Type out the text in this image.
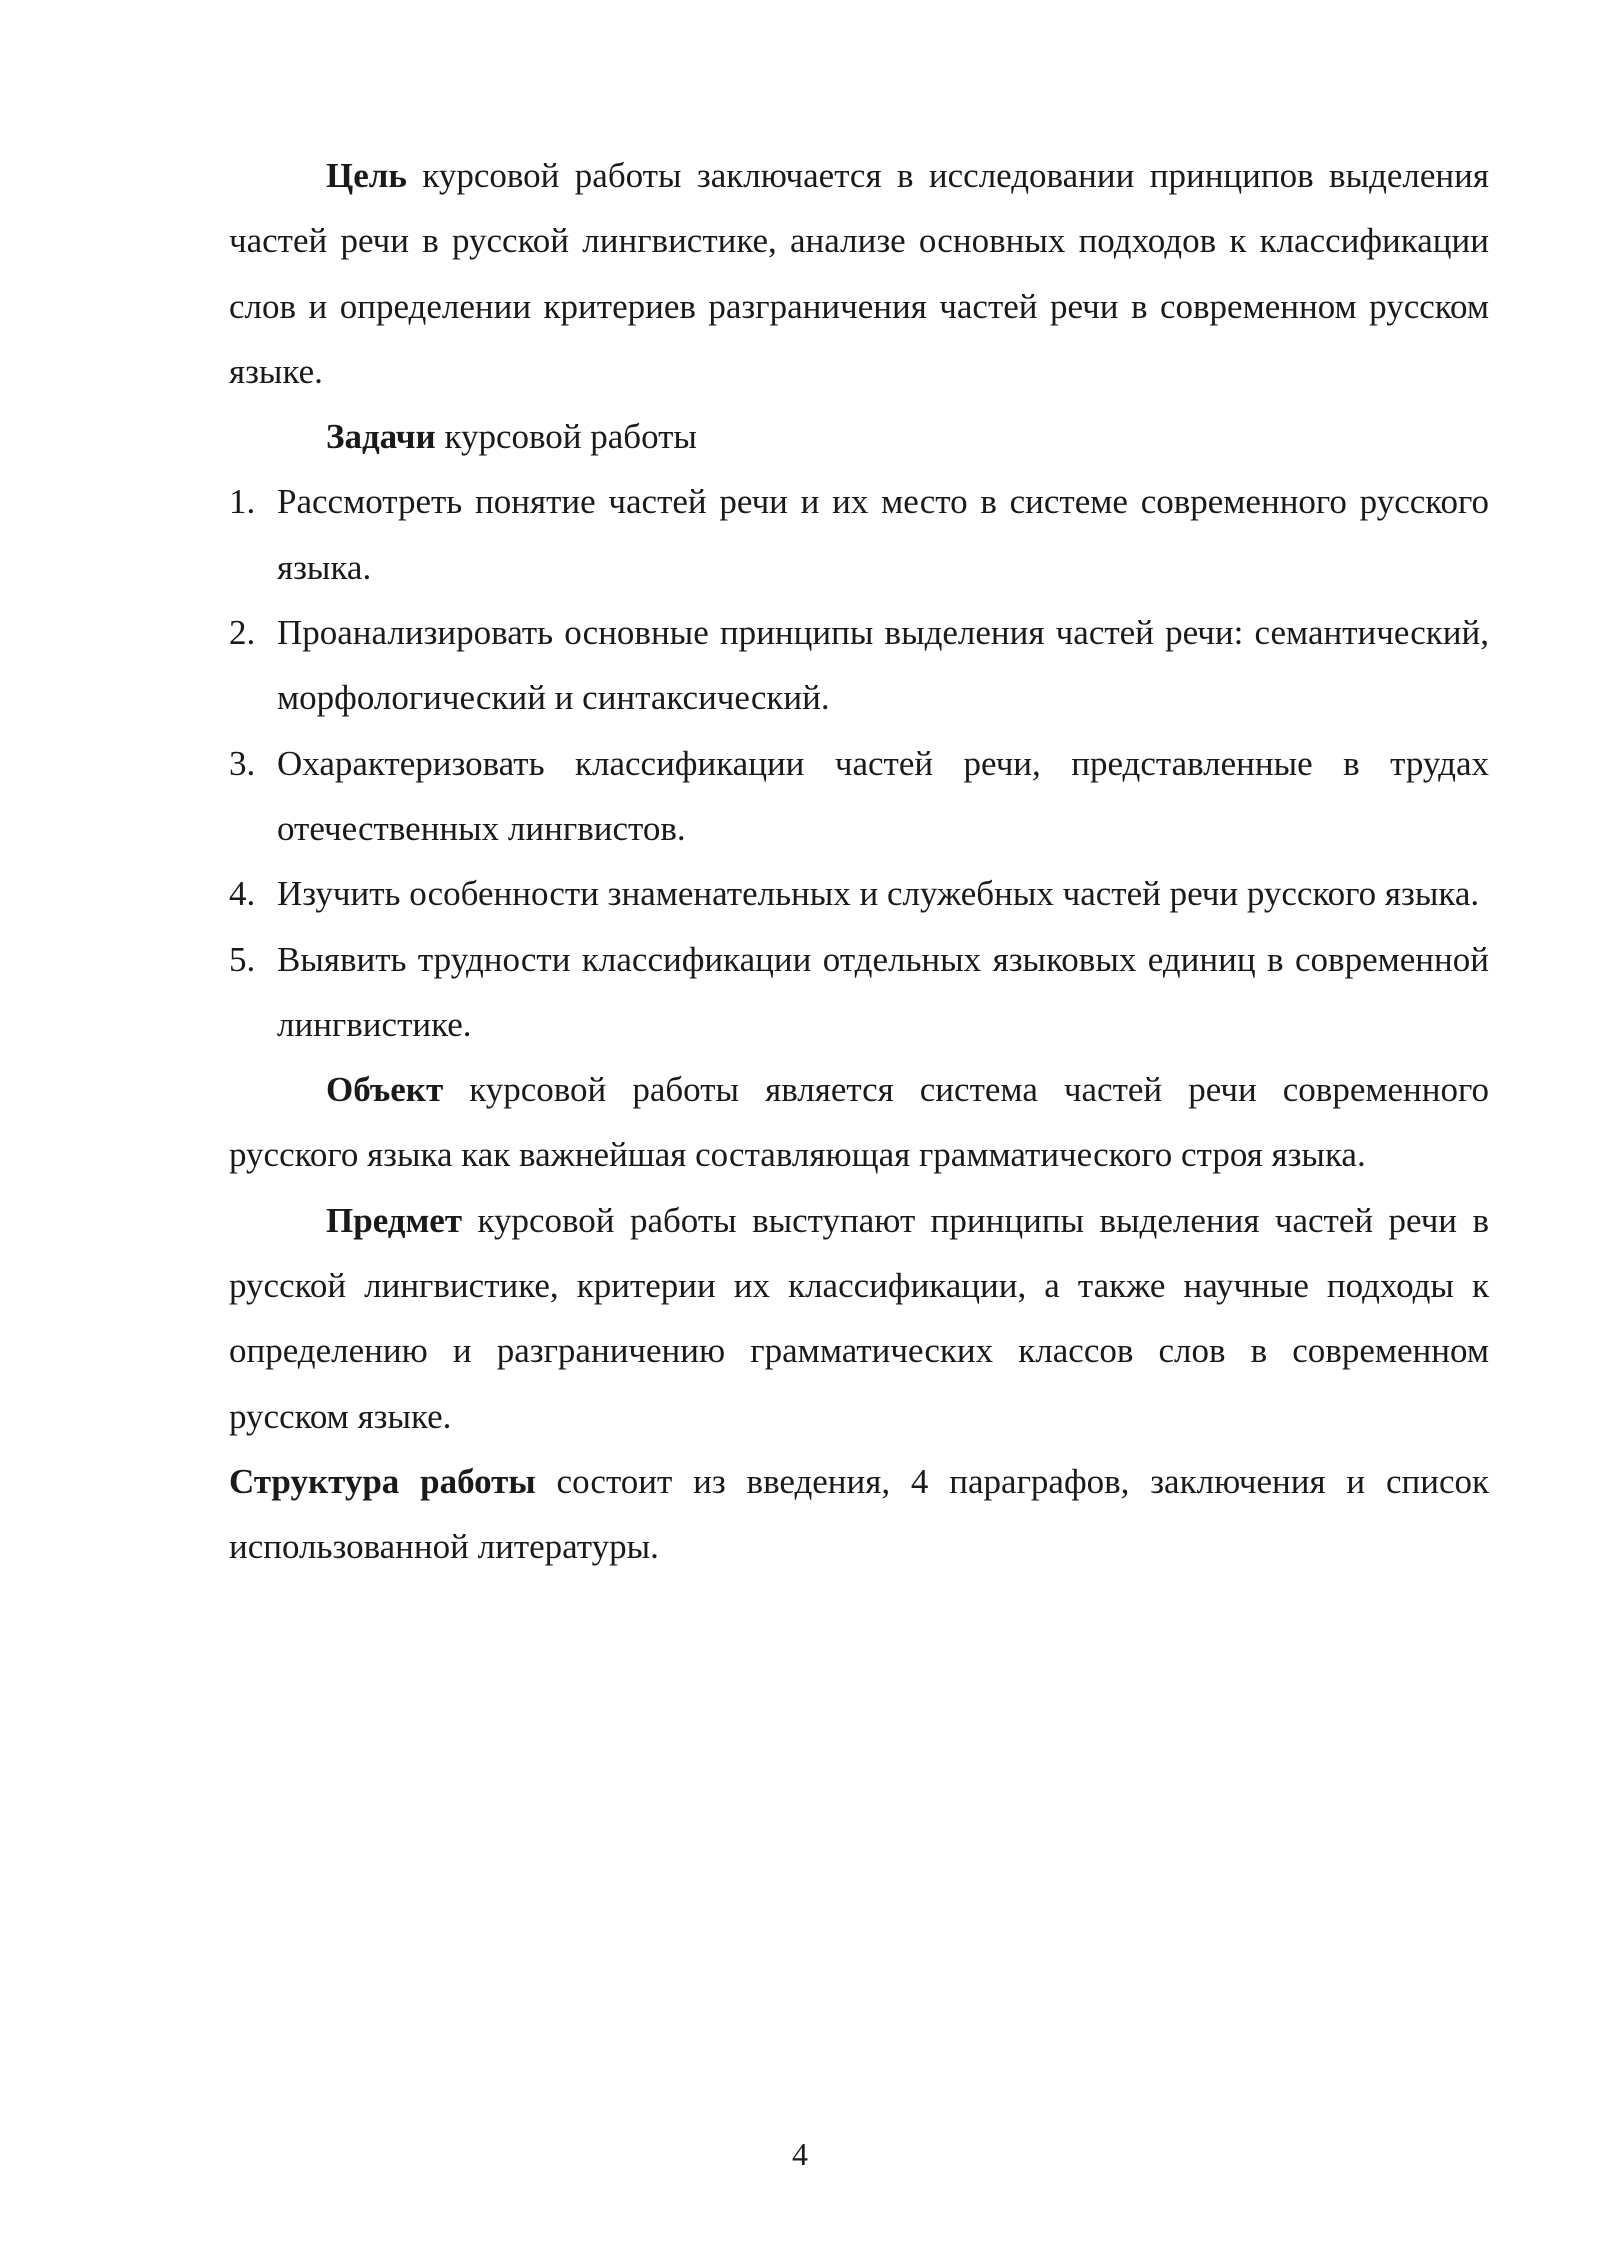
Цель курсовой работы заключается в исследовании принципов выделения частей речи в русской лингвистике, анализе основных подходов к классификации слов и определении критериев разграничения частей речи в современном русском языке.

Задачи курсовой работы

1. Рассмотреть понятие частей речи и их место в системе современного русского языка.
2. Проанализировать основные принципы выделения частей речи: семантический, морфологический и синтаксический.
3. Охарактеризовать классификации частей речи, представленные в трудах отечественных лингвистов.
4. Изучить особенности знаменательных и служебных частей речи русского языка.
5. Выявить трудности классификации отдельных языковых единиц в современной лингвистике.

Объект курсовой работы является система частей речи современного русского языка как важнейшая составляющая грамматического строя языка.

Предмет курсовой работы выступают принципы выделения частей речи в русской лингвистике, критерии их классификации, а также научные подходы к определению и разграничению грамматических классов слов в современном русском языке.

Структура работы состоит из введения, 4 параграфов, заключения и список использованной литературы.

4
